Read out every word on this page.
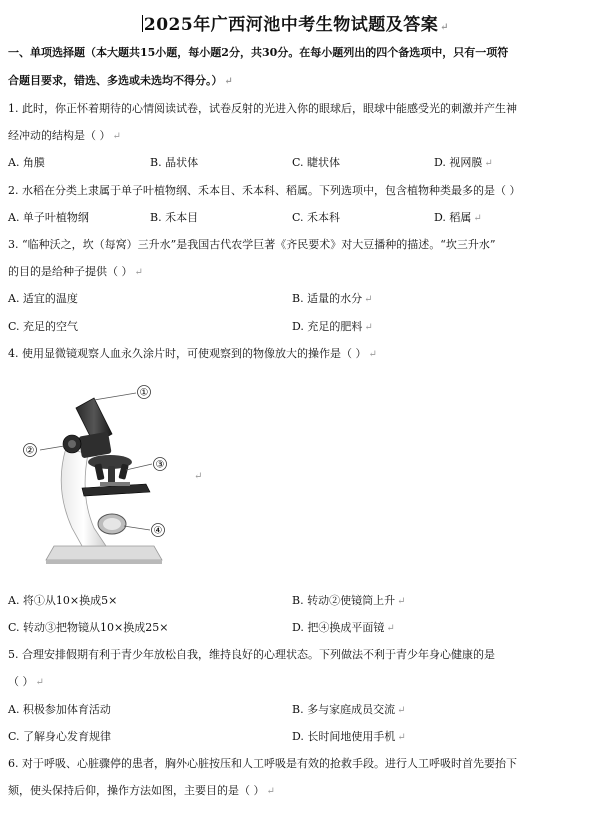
2025年广西河池中考生物试题及答案 ↵
一、单项选择题（本大题共15小题，每小题2分，共30分。在每小题列出的四个备选项中，只有一项符
合题目要求，错选、多选或未选均不得分。） ↵
1. 此时，你正怀着期待的心情阅读试卷，试卷反射的光进入你的眼球后，眼球中能感受光的刺激并产生神
经冲动的结构是（ ） ↵
A. 角膜	B. 晶状体	C. 睫状体	D. 视网膜 ↵
2. 水稻在分类上隶属于单子叶植物纲、禾本目、禾本科、稻属。下列选项中，包含植物种类最多的是（ ）
A. 单子叶植物纲	B. 禾本目	C. 禾本科	D. 稻属 ↵
3. “临种沃之，坎（每窝）三升水”是我国古代农学巨著《齐民要术》对大豆播种的描述。“坎三升水”
的目的是给种子提供（ ） ↵
A. 适宜的温度	B. 适量的水分 ↵
C. 充足的空气	D. 充足的肥料 ↵
4. 使用显微镜观察人血永久涂片时，可使观察到的物像放大的操作是（ ） ↵
①
②
③
④
↵
A. 将①从10×换成5×	B. 转动②使镜筒上升 ↵
C. 转动③把物镜从10×换成25×	D. 把④换成平面镜 ↵
5. 合理安排假期有利于青少年放松自我，维持良好的心理状态。下列做法不利于青少年身心健康的是
（ ） ↵
A. 积极参加体育活动	B. 多与家庭成员交流 ↵
C. 了解身心发育规律	D. 长时间地使用手机 ↵
6. 对于呼吸、心脏骤停的患者，胸外心脏按压和人工呼吸是有效的抢救手段。进行人工呼吸时首先要抬下
颏，使头保持后仰，操作方法如图，主要目的是（ ） ↵
